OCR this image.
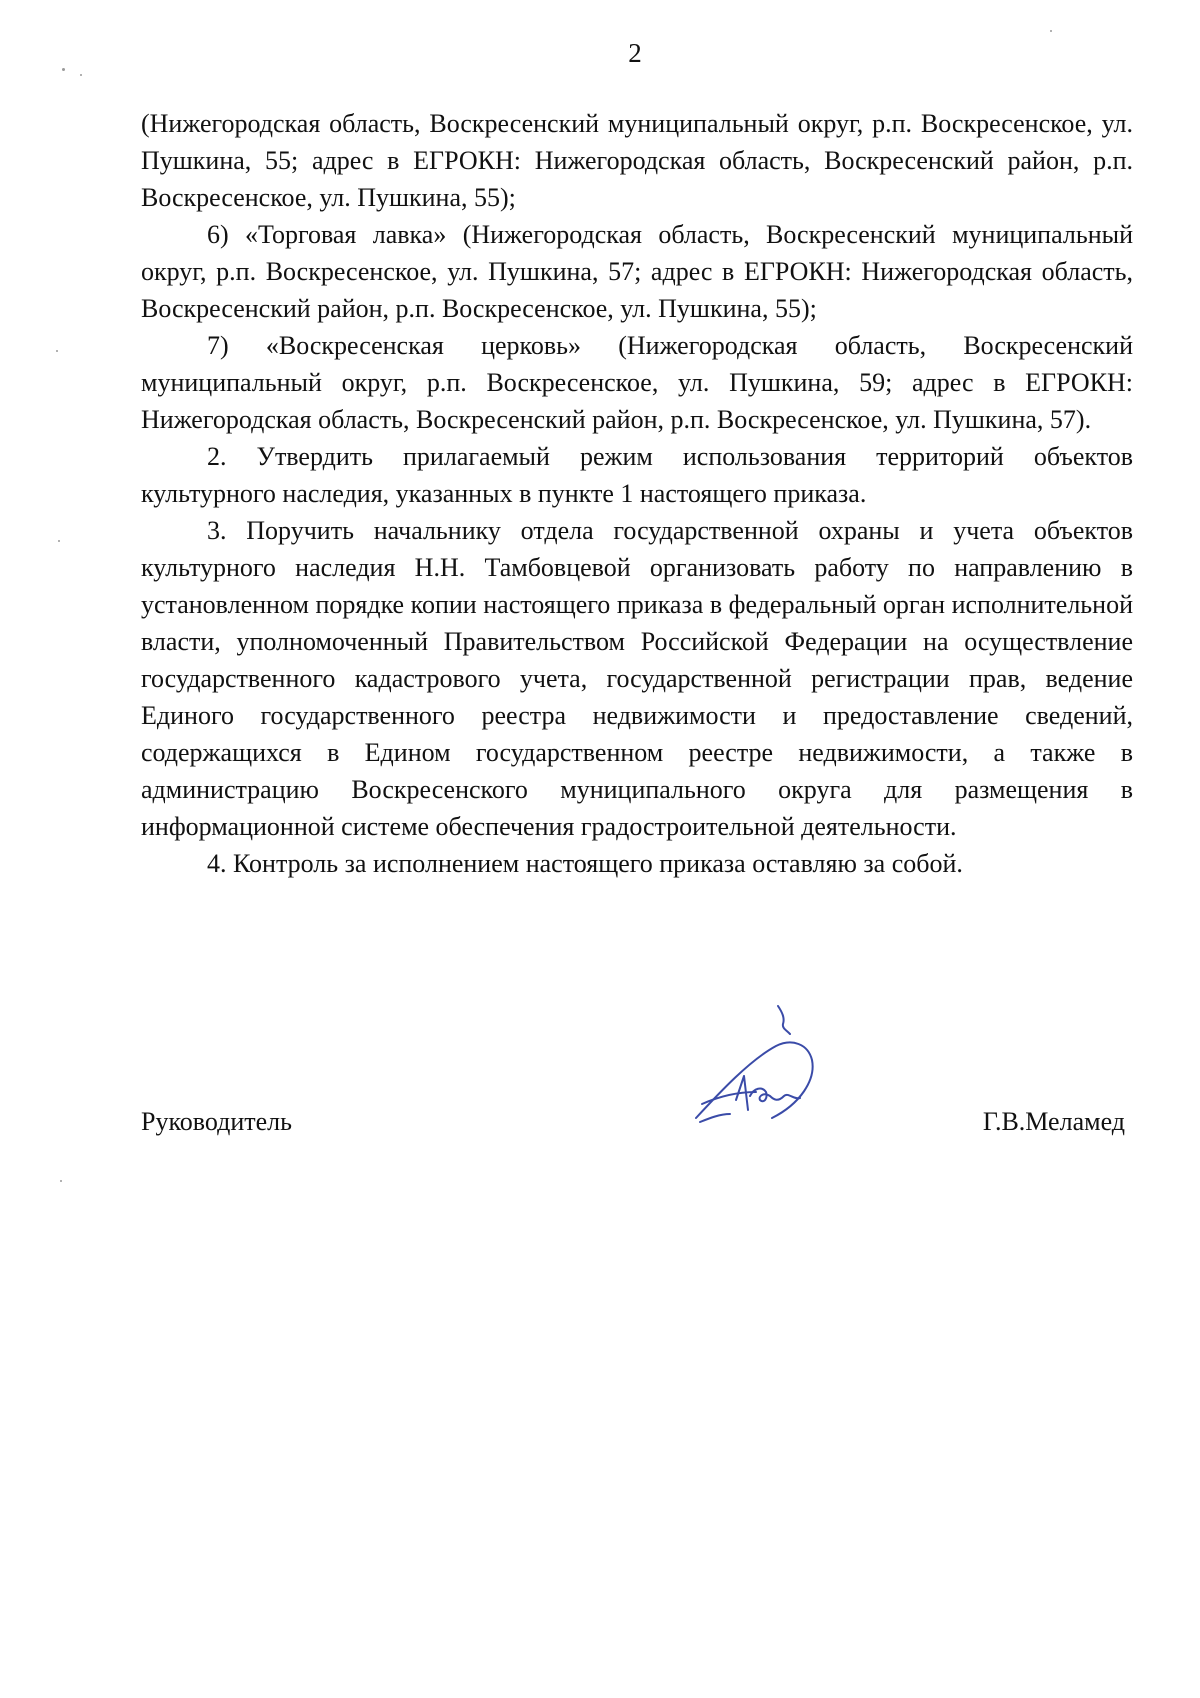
2

(Нижегородская область, Воскресенский муниципальный округ, р.п. Воскресенское, ул. Пушкина, 55; адрес в ЕГРОКН: Нижегородская область, Воскресенский район, р.п. Воскресенское, ул. Пушкина, 55);

6) «Торговая лавка» (Нижегородская область, Воскресенский муниципальный округ, р.п. Воскресенское, ул. Пушкина, 57; адрес в ЕГРОКН: Нижегородская область, Воскресенский район, р.п. Воскресенское, ул. Пушкина, 55);

7) «Воскресенская церковь» (Нижегородская область, Воскресенский муниципальный округ, р.п. Воскресенское, ул. Пушкина, 59; адрес в ЕГРОКН: Нижегородская область, Воскресенский район, р.п. Воскресенское, ул. Пушкина, 57).

2. Утвердить прилагаемый режим использования территорий объектов культурного наследия, указанных в пункте 1 настоящего приказа.

3. Поручить начальнику отдела государственной охраны и учета объектов культурного наследия Н.Н. Тамбовцевой организовать работу по направлению в установленном порядке копии настоящего приказа в федеральный орган исполнительной власти, уполномоченный Правительством Российской Федерации на осуществление государственного кадастрового учета, государственной регистрации прав, ведение Единого государственного реестра недвижимости и предоставление сведений, содержащихся в Едином государственном реестре недвижимости, а также в администрацию Воскресенского муниципального округа для размещения в информационной системе обеспечения градостроительной деятельности.

4. Контроль за исполнением настоящего приказа оставляю за собой.

Руководитель	Г.В.Меламед
